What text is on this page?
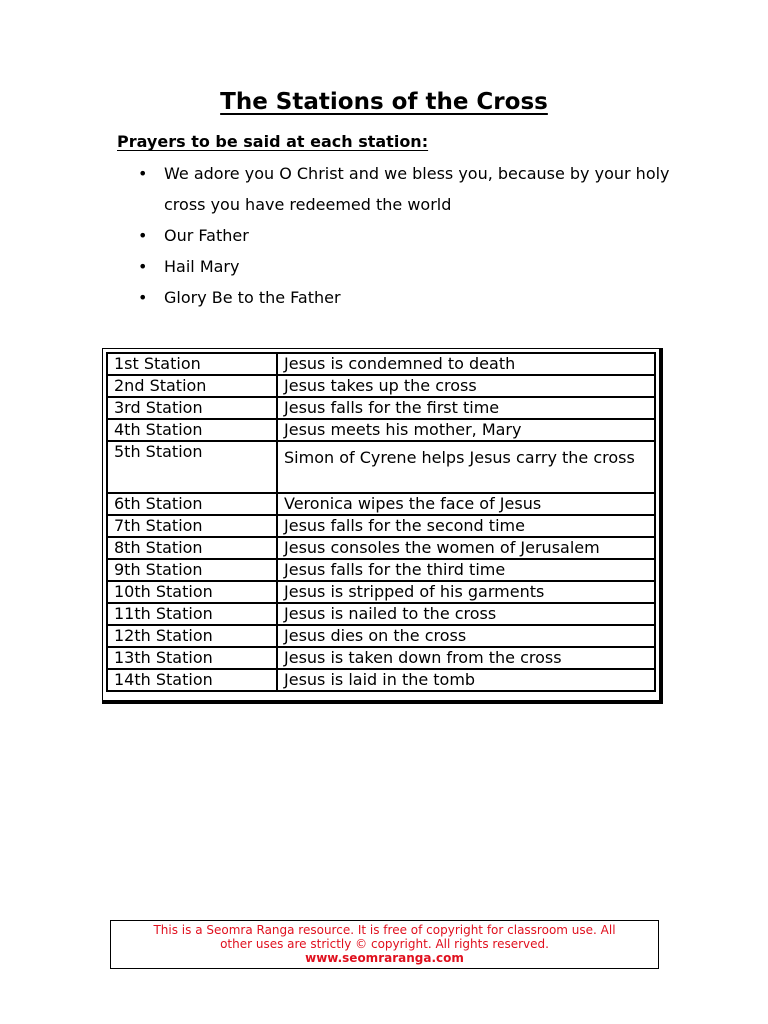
The Stations of the Cross
Prayers to be said at each station:
• We adore you O Christ and we bless you, because by your holy cross you have redeemed the world
• Our Father
• Hail Mary
• Glory Be to the Father
1st Station	Jesus is condemned to death
2nd Station	Jesus takes up the cross
3rd Station	Jesus falls for the first time
4th Station	Jesus meets his mother, Mary
5th Station	Simon of Cyrene helps Jesus carry the cross
6th Station	Veronica wipes the face of Jesus
7th Station	Jesus falls for the second time
8th Station	Jesus consoles the women of Jerusalem
9th Station	Jesus falls for the third time
10th Station	Jesus is stripped of his garments
11th Station	Jesus is nailed to the cross
12th Station	Jesus dies on the cross
13th Station	Jesus is taken down from the cross
14th Station	Jesus is laid in the tomb
This is a Seomra Ranga resource. It is free of copyright for classroom use. All
other uses are strictly © copyright. All rights reserved.
www.seomraranga.com
